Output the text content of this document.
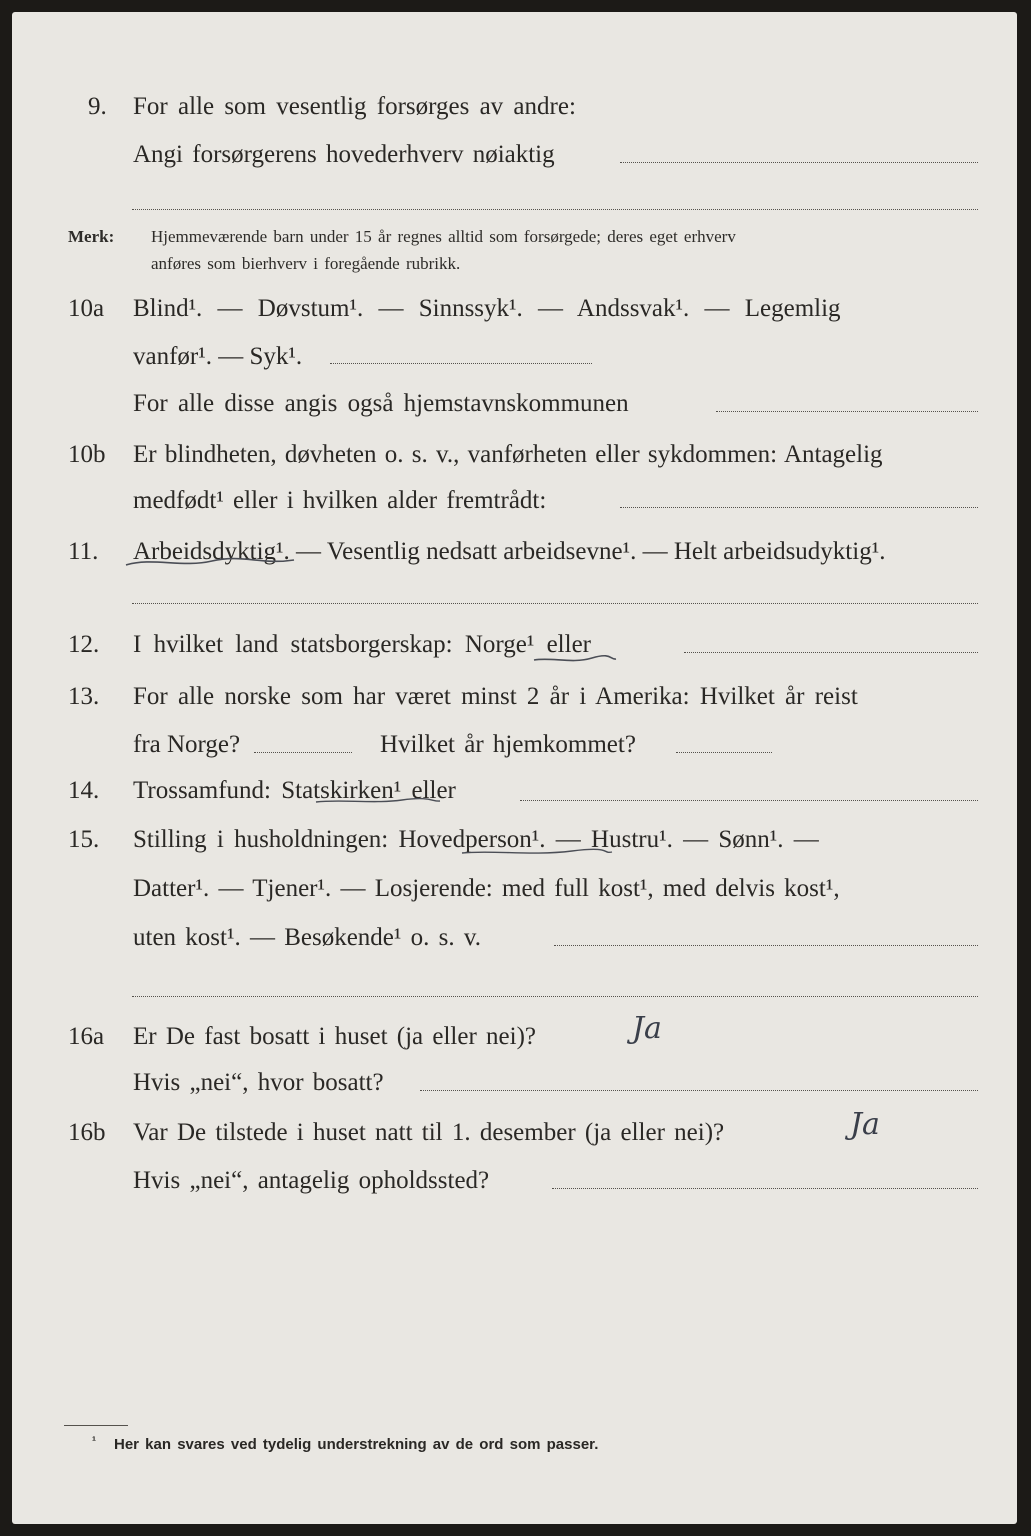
9. For alle som vesentlig forsørges av andre:
Angi forsørgerens hovederhverv nøiaktig
Merk: Hjemmeværende barn under 15 år regnes alltid som forsørgede; deres eget erhverv
anføres som bierhverv i foregående rubrikk.
10a Blind¹. — Døvstum¹. — Sinnssyk¹. — Andssvak¹. — Legemlig
vanfør¹. — Syk¹.
For alle disse angis også hjemstavnskommunen
10b Er blindheten, døvheten o. s. v., vanførheten eller sykdommen: Antagelig
medfødt¹ eller i hvilken alder fremtrådt:
11. Arbeidsdyktig¹. — Vesentlig nedsatt arbeidsevne¹. — Helt arbeidsudyktig¹.
12. I hvilket land statsborgerskap: Norge¹ eller
13. For alle norske som har været minst 2 år i Amerika: Hvilket år reist
fra Norge?	Hvilket år hjemkommet?
14. Trossamfund: Statskirken¹ eller
15. Stilling i husholdningen: Hovedperson¹. — Hustru¹. — Sønn¹. —
Datter¹. — Tjener¹. — Losjerende: med full kost¹, med delvis kost¹,
uten kost¹. — Besøkende¹ o. s. v.
16a Er De fast bosatt i huset (ja eller nei)?	Ja
Hvis „nei“, hvor bosatt?
16b Var De tilstede i huset natt til 1. desember (ja eller nei)?	Ja
Hvis „nei“, antagelig opholdssted?
¹ Her kan svares ved tydelig understrekning av de ord som passer.
